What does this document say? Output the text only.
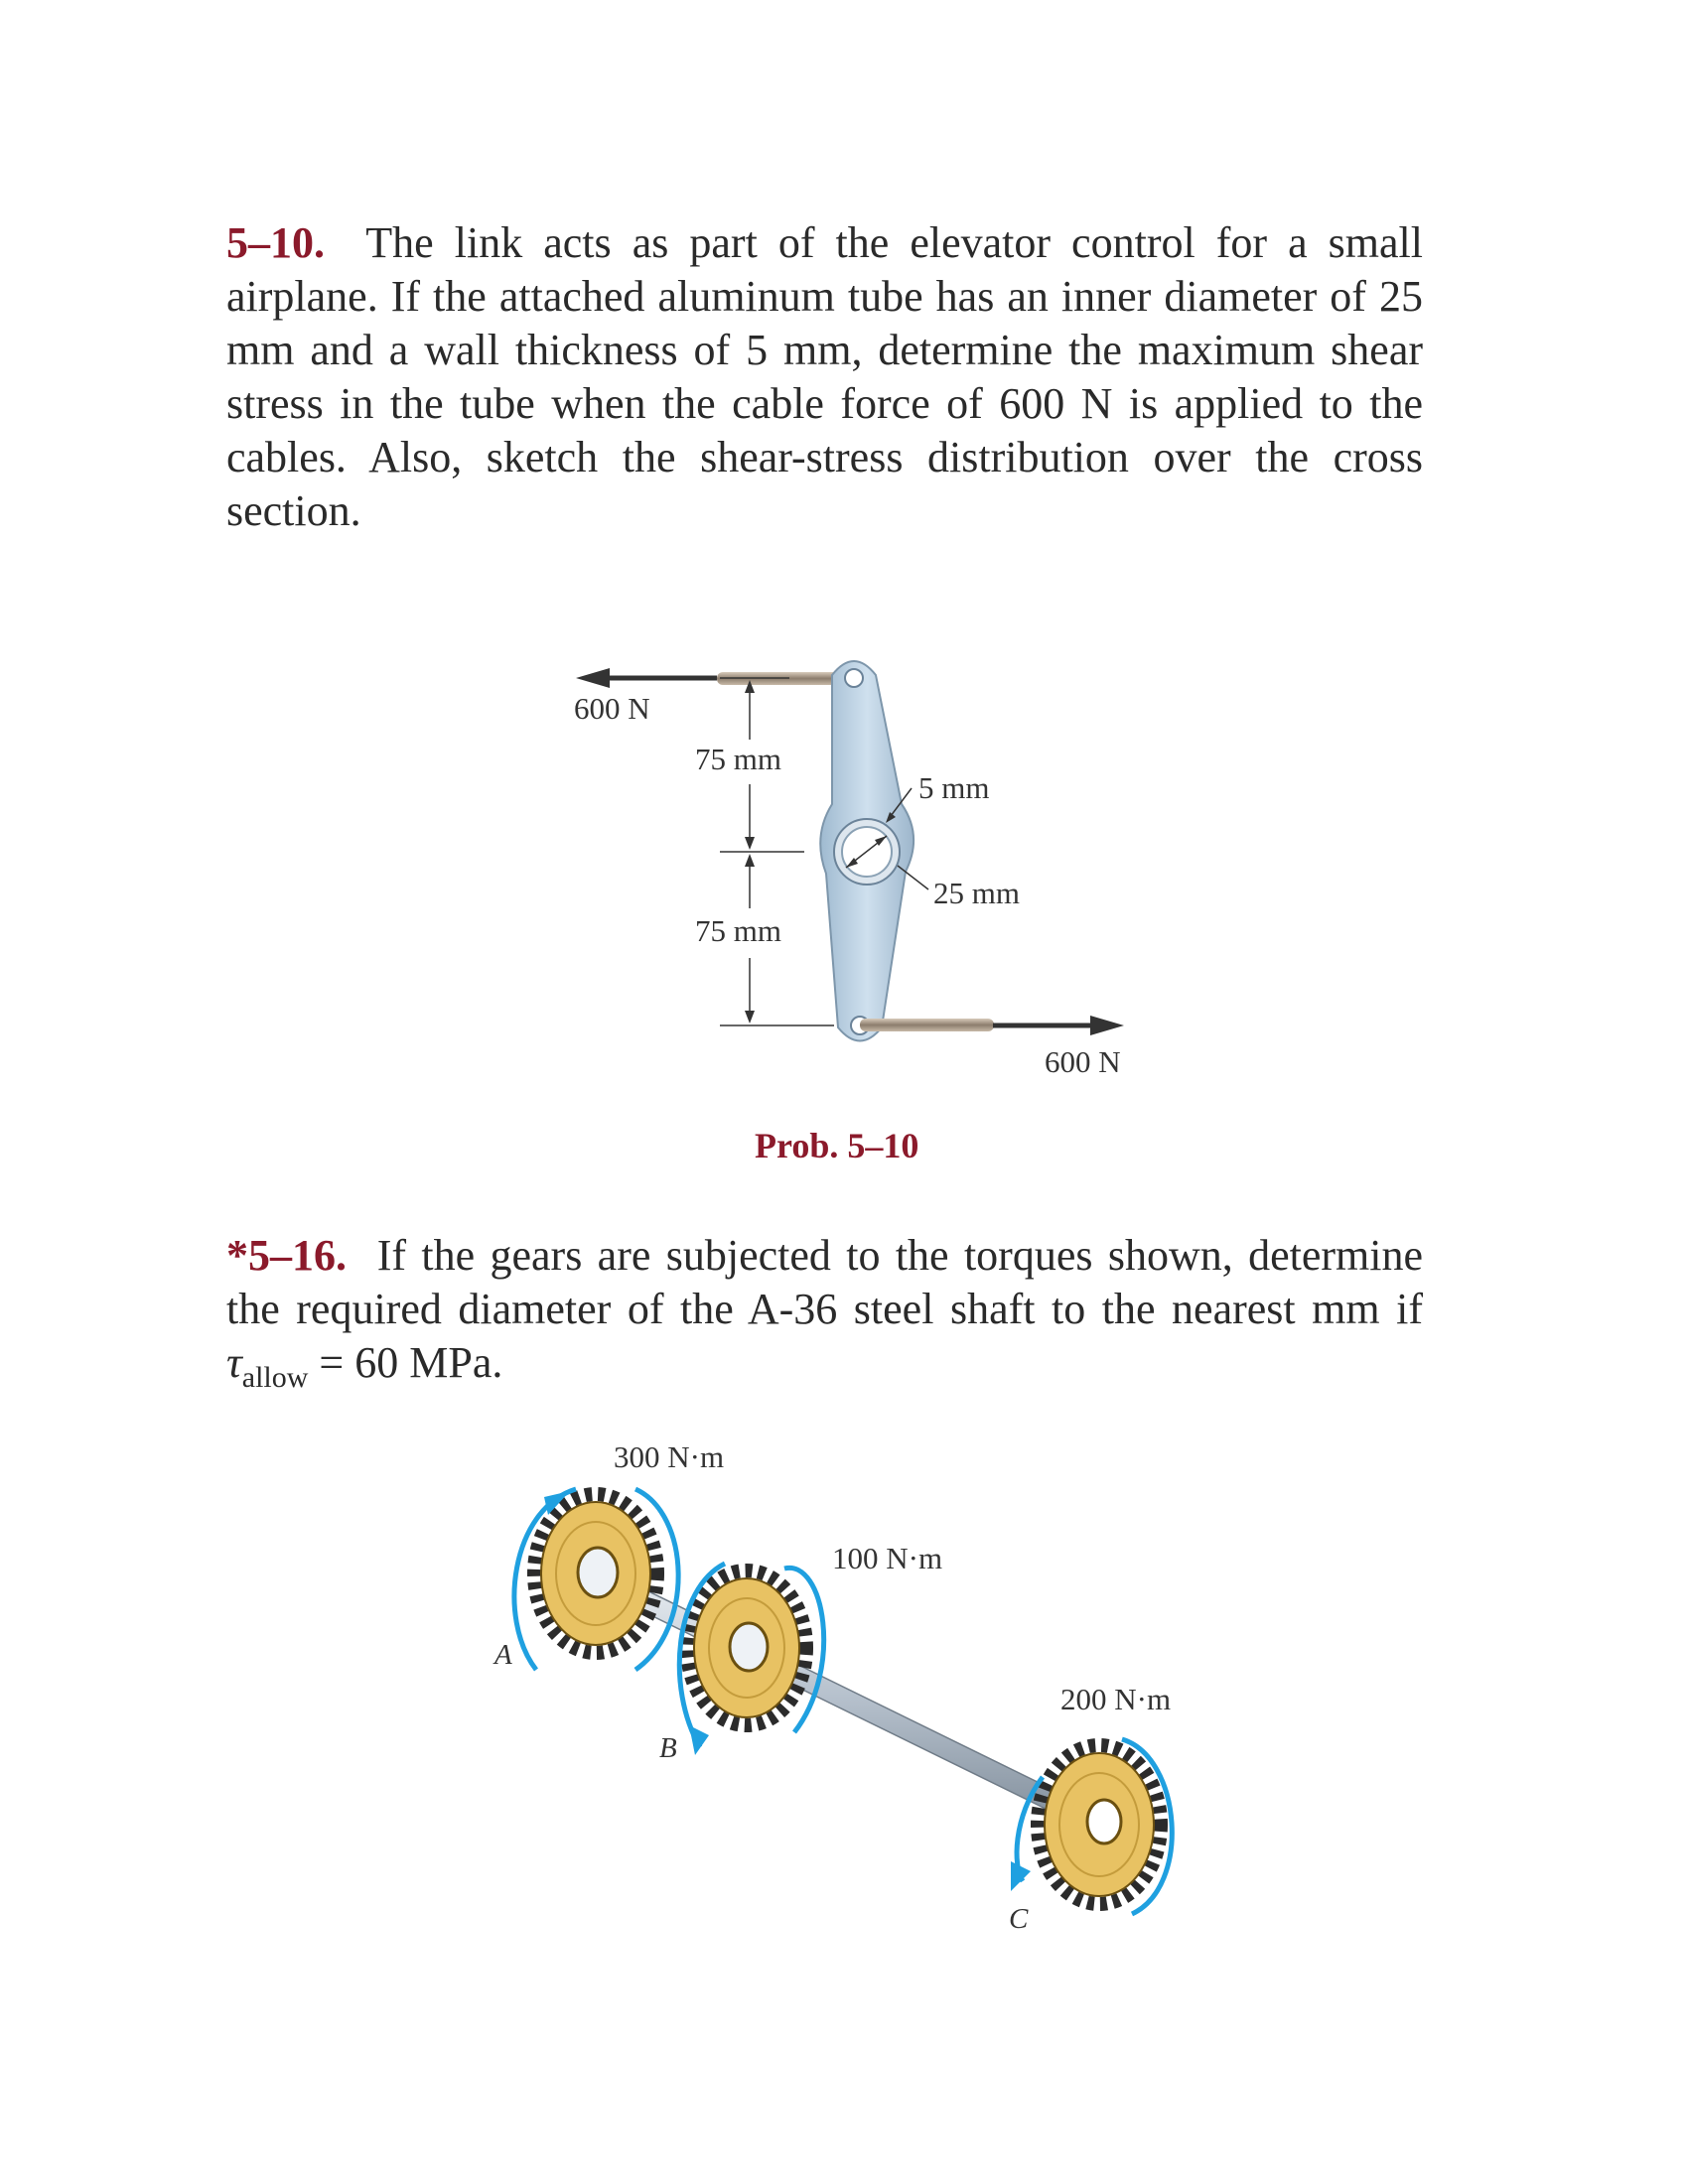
5–10. The link acts as part of the elevator control for a small airplane. If the attached aluminum tube has an inner diameter of 25 mm and a wall thickness of 5 mm, determine the maximum shear stress in the tube when the cable force of 600 N is applied to the cables. Also, sketch the shear-stress distribution over the cross section.

600 N
75 mm
5 mm
25 mm
75 mm
600 N
Prob. 5–10

*5–16. If the gears are subjected to the torques shown, determine the required diameter of the A-36 steel shaft to the nearest mm if $\tau_{allow} = 60$ MPa.

300 N·m
100 N·m
200 N·m
A
B
C
